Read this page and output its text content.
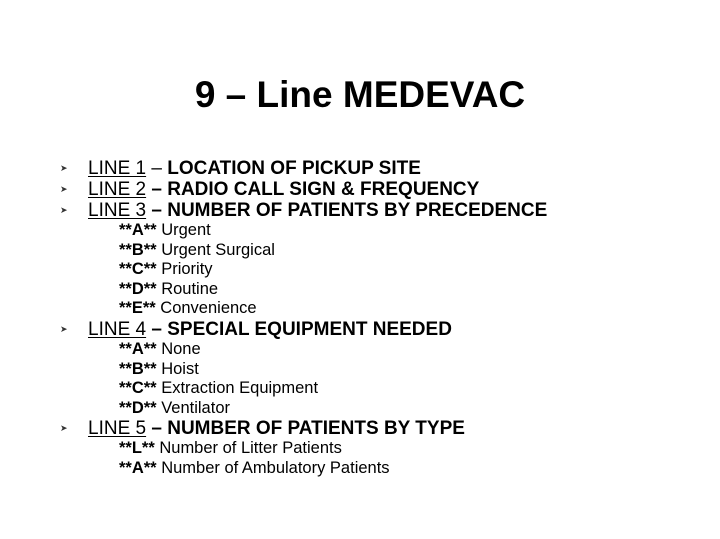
9 – Line MEDEVAC
➤ LINE 1 – LOCATION OF PICKUP SITE
➤ LINE 2 – RADIO CALL SIGN & FREQUENCY
➤ LINE 3 – NUMBER OF PATIENTS BY PRECEDENCE
**A** Urgent
**B** Urgent Surgical
**C** Priority
**D** Routine
**E** Convenience
➤ LINE 4 – SPECIAL EQUIPMENT NEEDED
**A** None
**B** Hoist
**C** Extraction Equipment
**D** Ventilator
➤ LINE 5 – NUMBER OF PATIENTS BY TYPE
**L** Number of Litter Patients
**A** Number of Ambulatory Patients
